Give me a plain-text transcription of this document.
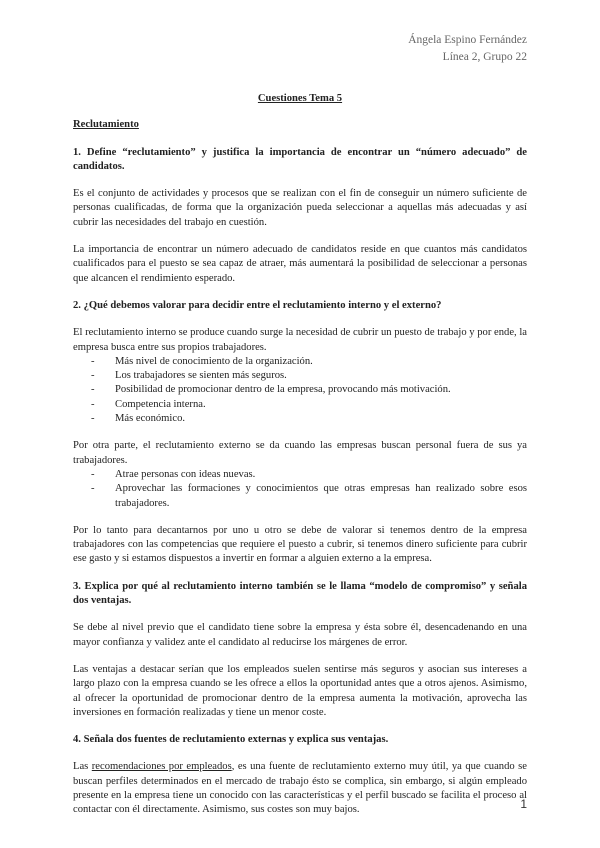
Ángela Espino Fernández
Línea 2, Grupo 22
Cuestiones Tema 5
Reclutamiento
1. Define “reclutamiento” y justifica la importancia de encontrar un “número adecuado” de candidatos.
Es el conjunto de actividades y procesos que se realizan con el fin de conseguir un número suficiente de personas cualificadas, de forma que la organización pueda seleccionar a aquellas más adecuadas y así cubrir las necesidades del trabajo en cuestión.
La importancia de encontrar un número adecuado de candidatos reside en que cuantos más candidatos cualificados para el puesto se sea capaz de atraer, más aumentará la posibilidad de seleccionar a personas que alcancen el rendimiento esperado.
2. ¿Qué debemos valorar para decidir entre el reclutamiento interno y el externo?
El reclutamiento interno se produce cuando surge la necesidad de cubrir un puesto de trabajo y por ende, la empresa busca entre sus propios trabajadores.
- Más nivel de conocimiento de la organización.
- Los trabajadores se sienten más seguros.
- Posibilidad de promocionar dentro de la empresa, provocando más motivación.
- Competencia interna.
- Más económico.
Por otra parte, el reclutamiento externo se da cuando las empresas buscan personal fuera de sus ya trabajadores.
- Atrae personas con ideas nuevas.
- Aprovechar las formaciones y conocimientos que otras empresas han realizado sobre esos trabajadores.
Por lo tanto para decantarnos por uno u otro se debe de valorar si tenemos dentro de la empresa trabajadores con las competencias que requiere el puesto a cubrir, si tenemos dinero suficiente para cubrir ese gasto y si estamos dispuestos a invertir en formar a alguien externo a la empresa.
3. Explica por qué al reclutamiento interno también se le llama “modelo de compromiso” y señala dos ventajas.
Se debe al nivel previo que el candidato tiene sobre la empresa y ésta sobre él, desencadenando en una mayor confianza y validez ante el candidato al reducirse los márgenes de error.
Las ventajas a destacar serían que los empleados suelen sentirse más seguros y asocian sus intereses a largo plazo con la empresa cuando se les ofrece a ellos la oportunidad antes que a otros ajenos. Asimismo, al ofrecer la oportunidad de promocionar dentro de la empresa aumenta la motivación, aprovecha las inversiones en formación realizadas y tiene un menor coste.
4. Señala dos fuentes de reclutamiento externas y explica sus ventajas.
Las recomendaciones por empleados, es una fuente de reclutamiento externo muy útil, ya que cuando se buscan perfiles determinados en el mercado de trabajo ésto se complica, sin embargo, si algún empleado presente en la empresa tiene un conocido con las características y el perfil buscado se facilita el proceso al contactar con él directamente. Asimismo, sus costes son muy bajos.	1
